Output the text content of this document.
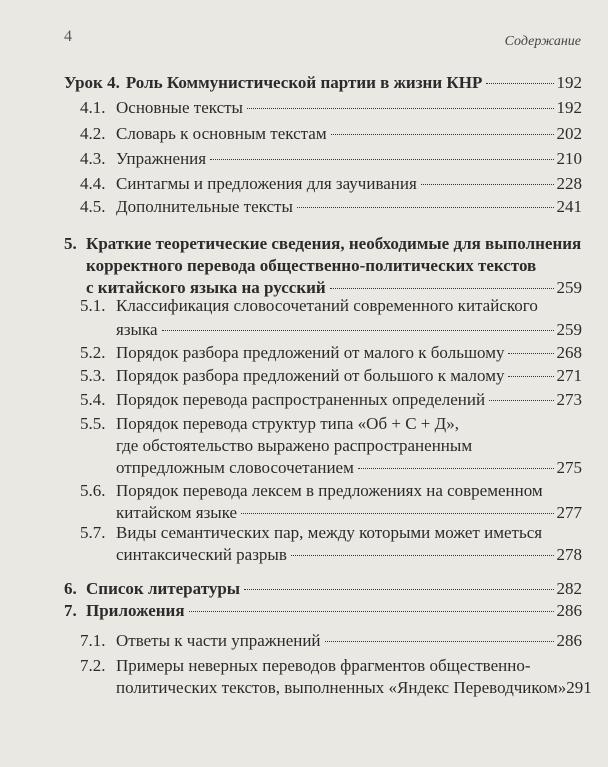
4	Содержание
Урок 4. Роль Коммунистической партии в жизни КНР	192
4.1. Основные тексты	192
4.2. Словарь к основным текстам	202
4.3. Упражнения	210
4.4. Синтагмы и предложения для заучивания	228
4.5. Дополнительные тексты	241
5. Краткие теоретические сведения, необходимые для выполнения
корректного перевода общественно-политических текстов
с китайского языка на русский	259
5.1. Классификация словосочетаний современного китайского
языка	259
5.2. Порядок разбора предложений от малого к большому	268
5.3. Порядок разбора предложений от большого к малому	271
5.4. Порядок перевода распространенных определений	273
5.5. Порядок перевода структур типа «Об + С + Д»,
где обстоятельство выражено распространенным
отпредложным словосочетанием	275
5.6. Порядок перевода лексем в предложениях на современном
китайском языке	277
5.7. Виды семантических пар, между которыми может иметься
синтаксический разрыв	278
6. Список литературы	282
7. Приложения	286
7.1. Ответы к части упражнений	286
7.2. Примеры неверных переводов фрагментов общественно-
политических текстов, выполненных «Яндекс Переводчиком» 291
